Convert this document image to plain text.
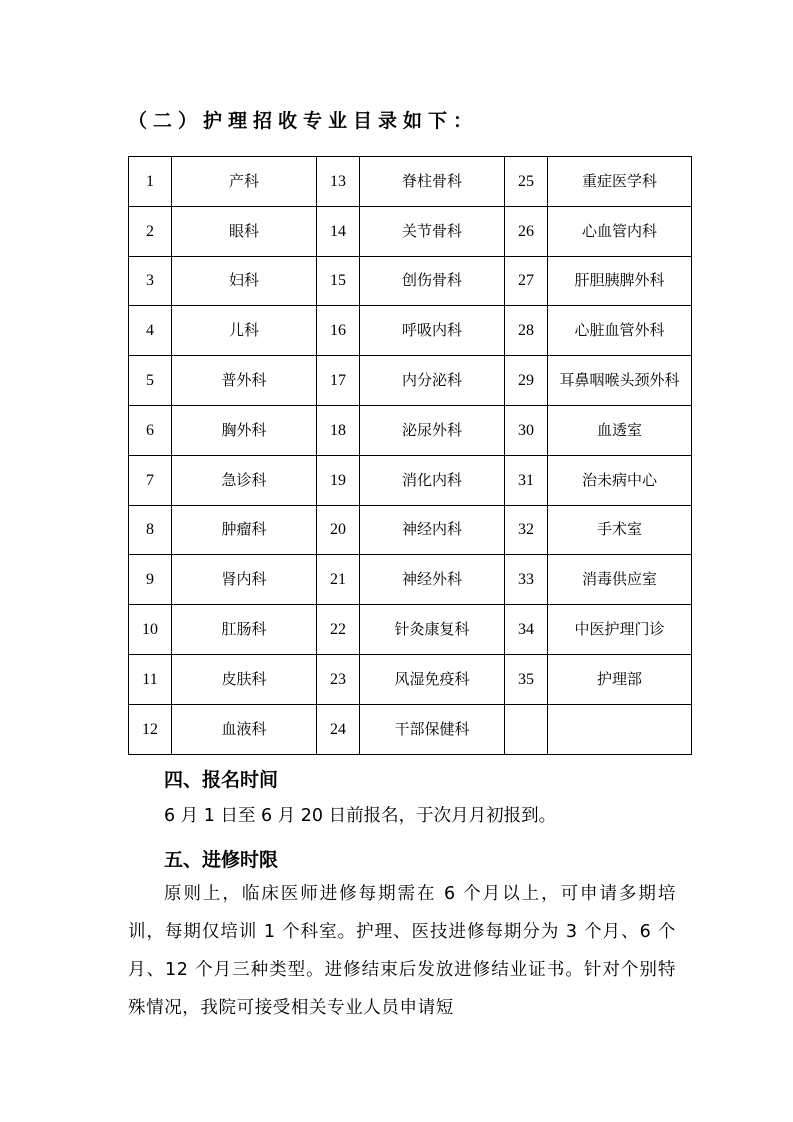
（二）护理招收专业目录如下：
1	产科	13	脊柱骨科	25	重症医学科
2	眼科	14	关节骨科	26	心血管内科
3	妇科	15	创伤骨科	27	肝胆胰脾外科
4	儿科	16	呼吸内科	28	心脏血管外科
5	普外科	17	内分泌科	29	耳鼻咽喉头颈外科
6	胸外科	18	泌尿外科	30	血透室
7	急诊科	19	消化内科	31	治未病中心
8	肿瘤科	20	神经内科	32	手术室
9	肾内科	21	神经外科	33	消毒供应室
10	肛肠科	22	针灸康复科	34	中医护理门诊
11	皮肤科	23	风湿免疫科	35	护理部
12	血液科	24	干部保健科		
四、报名时间
6 月 1 日至 6 月 20 日前报名，于次月月初报到。
五、进修时限
原则上，临床医师进修每期需在 6 个月以上，可申请多期培训，每期仅培训 1 个科室。护理、医技进修每期分为 3 个月、6 个月、12 个月三种类型。进修结束后发放进修结业证书。针对个别特殊情况，我院可接受相关专业人员申请短
